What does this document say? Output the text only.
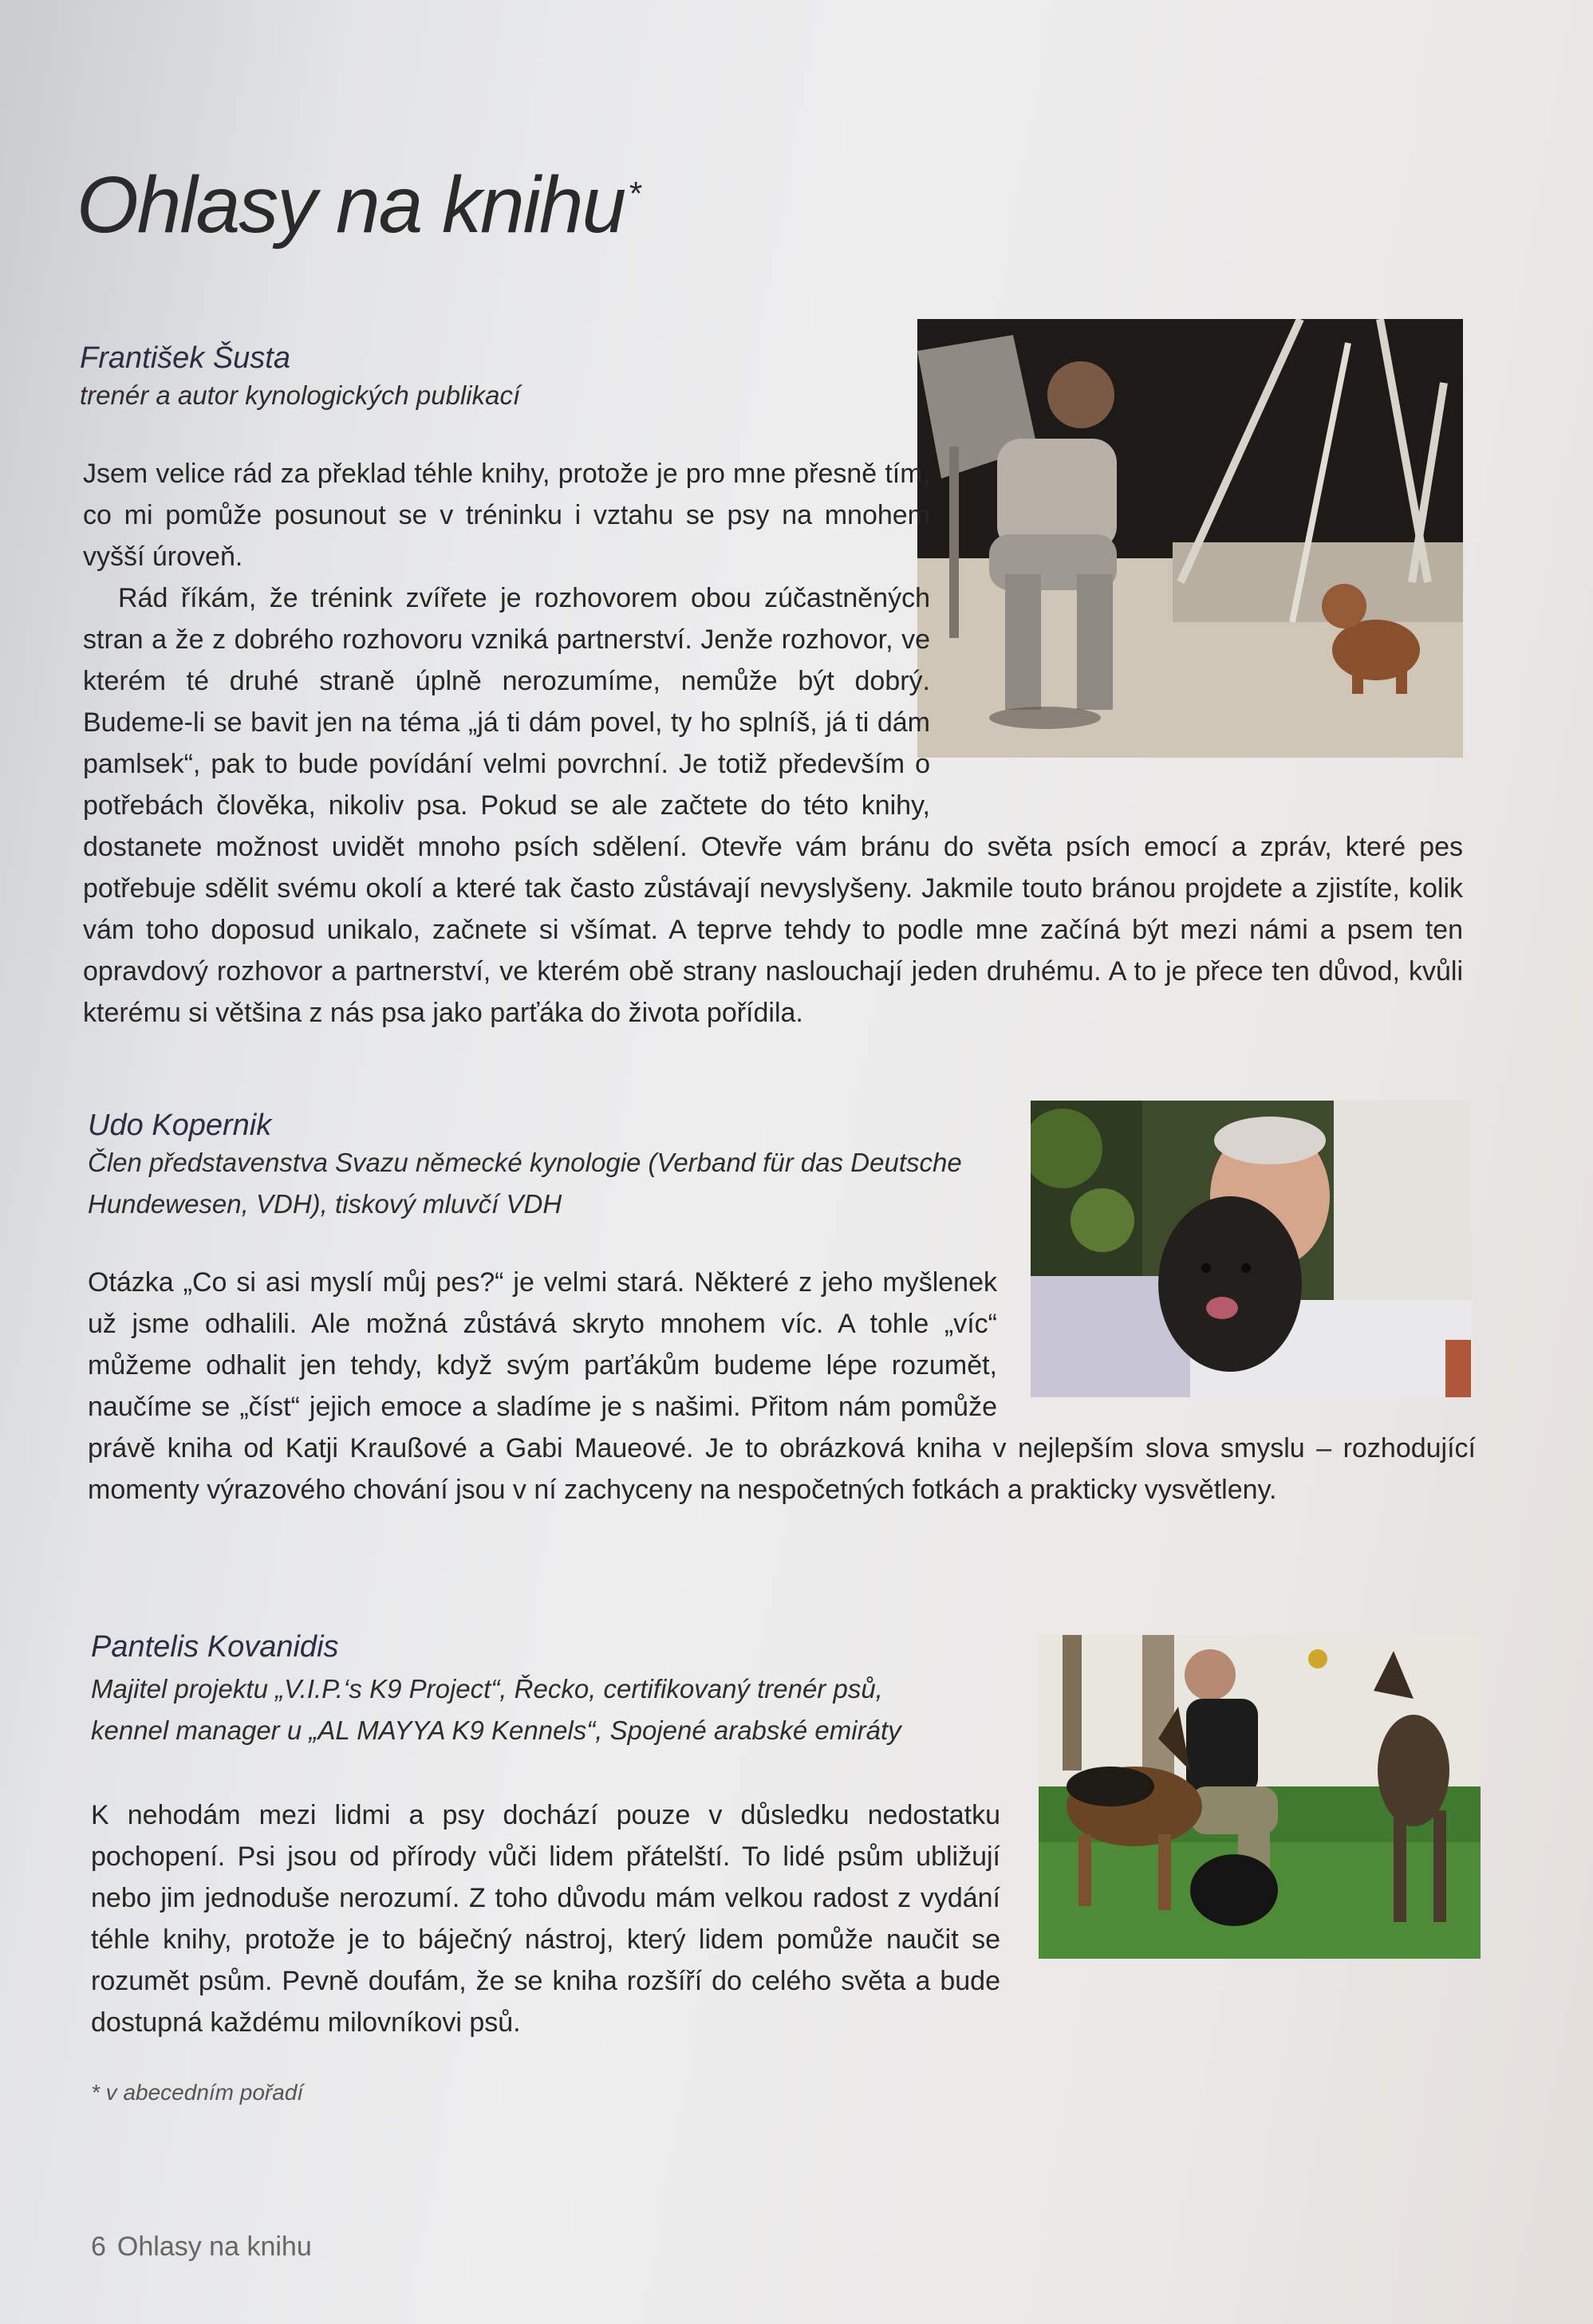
Ohlasy na knihu*
František Šusta
trenér a autor kynologických publikací

Jsem velice rád za překlad téhle knihy, protože je pro mne přesně tím, co mi pomůže posunout se v tréninku i vztahu se psy na mnohem vyšší úroveň.

Rád říkám, že trénink zvířete je rozhovorem obou zúčastněných stran a že z dobrého rozhovoru vzniká partnerství. Jenže rozhovor, ve kterém té druhé straně úplně nerozumíme, nemůže být dobrý. Budeme-li se bavit jen na téma „já ti dám povel, ty ho splníš, já ti dám pamlsek“, pak to bude povídání velmi povrchní. Je totiž především o potřebách člověka, nikoliv psa. Pokud se ale začtete do této knihy, dostanete možnost uvidět mnoho psích sdělení. Otevře vám bránu do světa psích emocí a zpráv, které pes potřebuje sdělit svému okolí a které tak často zůstávají nevyslyšeny. Jakmile touto bránou projdete a zjistíte, kolik vám toho doposud unikalo, začnete si všímat. A teprve tehdy to podle mne začíná být mezi námi a psem ten opravdový rozhovor a partnerství, ve kterém obě strany naslouchají jeden druhému. A to je přece ten důvod, kvůli kterému si většina z nás psa jako parťáka do života pořídila.

Udo Kopernik
Člen představenstva Svazu německé kynologie (Verband für das Deutsche Hundewesen, VDH), tiskový mluvčí VDH

Otázka „Co si asi myslí můj pes?“ je velmi stará. Některé z jeho myšlenek už jsme odhalili. Ale možná zůstává skryto mnohem víc. A tohle „víc“ můžeme odhalit jen tehdy, když svým parťákům budeme lépe rozumět, naučíme se „číst“ jejich emoce a sladíme je s našimi. Přitom nám pomůže právě kniha od Katji Kraußové a Gabi Maueové. Je to obrázková kniha v nejlepším slova smyslu – rozhodující momenty výrazového chování jsou v ní zachyceny na nespočetných fotkách a prakticky vysvětleny.

Pantelis Kovanidis
Majitel projektu „V.I.P.‘s K9 Project“, Řecko, certifikovaný trenér psů,
kennel manager u „AL MAYYA K9 Kennels“, Spojené arabské emiráty

K nehodám mezi lidmi a psy dochází pouze v důsledku nedostatku pochopení. Psi jsou od přírody vůči lidem přátelští. To lidé psům ubližují nebo jim jednoduše nerozumí. Z toho důvodu mám velkou radost z vydání téhle knihy, protože je to báječný nástroj, který lidem pomůže naučit se rozumět psům. Pevně doufám, že se kniha rozšíří do celého světa a bude dostupná každému milovníkovi psů.

* v abecedním pořadí
6 Ohlasy na knihu
